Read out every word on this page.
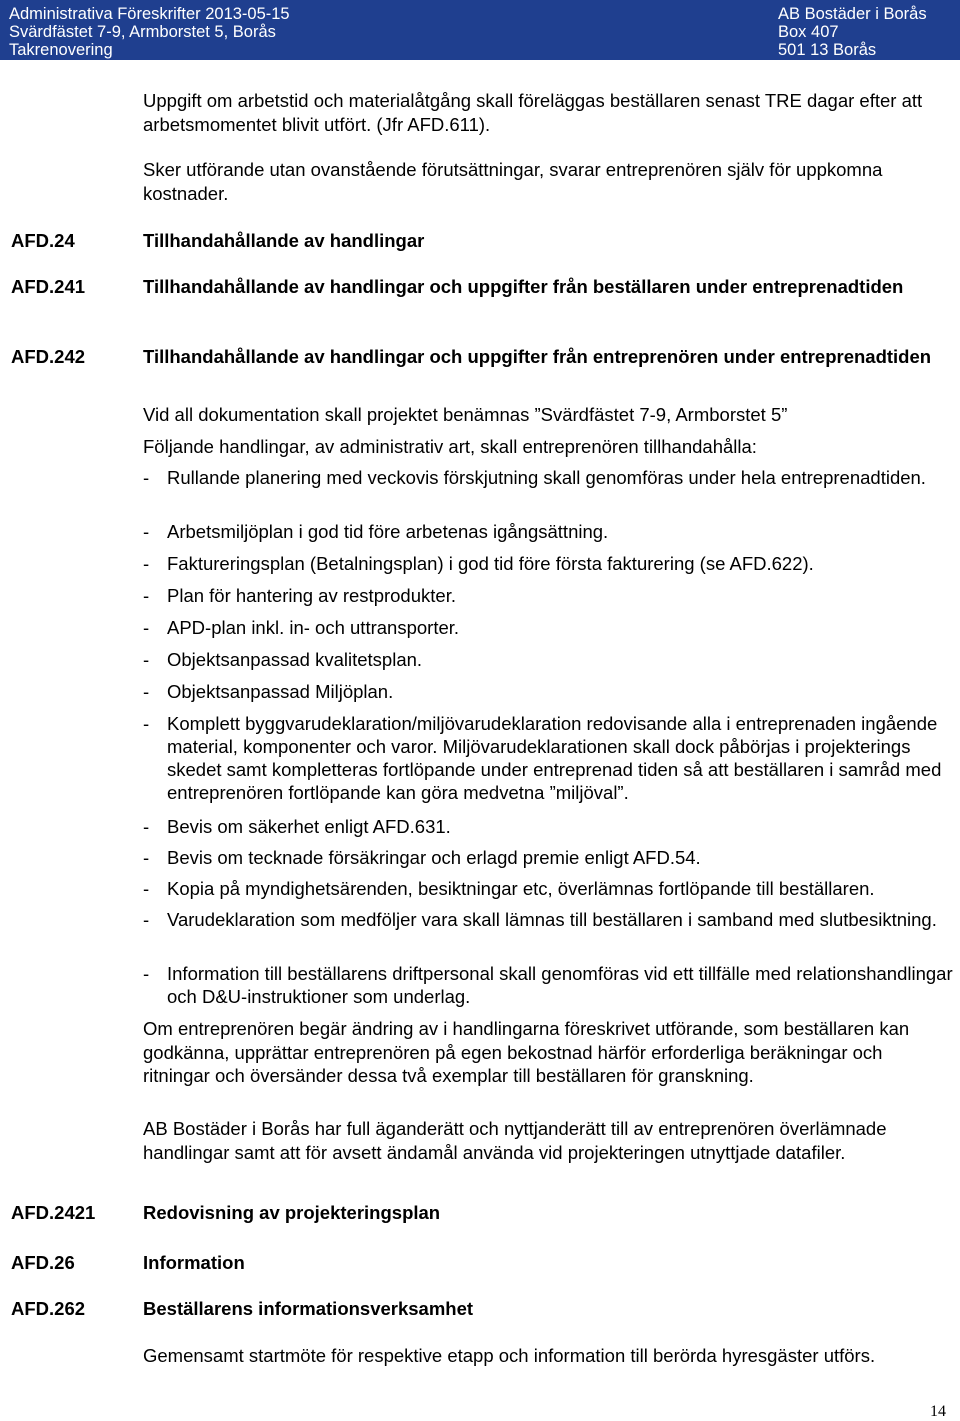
Administrativa Föreskrifter 2013-05-15
Svärdfästet 7-9, Armborstet 5, Borås
Takrenovering
AB Bostäder i Borås
Box 407
501 13 Borås
Uppgift om arbetstid och materialåtgång skall föreläggas beställaren senast TRE dagar efter att arbetsmomentet blivit utfört. (Jfr AFD.611).
Sker utförande utan ovanstående förutsättningar, svarar entreprenören själv för uppkomna kostnader.
AFD.24	Tillhandahållande av handlingar
AFD.241	Tillhandahållande av handlingar och uppgifter från beställaren under entreprenadtiden
AFD.242	Tillhandahållande av handlingar och uppgifter från entreprenören under entreprenadtiden
Vid all dokumentation skall projektet benämnas ”Svärdfästet 7-9, Armborstet 5”
Följande handlingar, av administrativ art, skall entreprenören tillhandahålla:
- Rullande planering med veckovis förskjutning skall genomföras under hela entreprenadtiden.
- Arbetsmiljöplan i god tid före arbetenas igångsättning.
- Faktureringsplan (Betalningsplan) i god tid före första fakturering (se AFD.622).
- Plan för hantering av restprodukter.
- APD-plan inkl. in- och uttransporter.
- Objektsanpassad kvalitetsplan.
- Objektsanpassad Miljöplan.
- Komplett byggvarudeklaration/miljövarudeklaration redovisande alla i entreprenaden ingående material, komponenter och varor. Miljövarudeklarationen skall dock påbörjas i projekterings skedet samt kompletteras fortlöpande under entreprenad tiden så att beställaren i samråd med entreprenören fortlöpande kan göra medvetna ”miljöval”.
- Bevis om säkerhet enligt AFD.631.
- Bevis om tecknade försäkringar och erlagd premie enligt AFD.54.
- Kopia på myndighetsärenden, besiktningar etc, överlämnas fortlöpande till beställaren.
- Varudeklaration som medföljer vara skall lämnas till beställaren i samband med slutbesiktning.
- Information till beställarens driftpersonal skall genomföras vid ett tillfälle med relationshandlingar och D&U-instruktioner som underlag.
Om entreprenören begär ändring av i handlingarna föreskrivet utförande, som beställaren kan godkänna, upprättar entreprenören på egen bekostnad härför erforderliga beräkningar och ritningar och översänder dessa två exemplar till beställaren för granskning.
AB Bostäder i Borås har full äganderätt och nyttjanderätt till av entreprenören överlämnade handlingar samt att för avsett ändamål använda vid projekteringen utnyttjade datafiler.
AFD.2421	Redovisning av projekteringsplan
AFD.26	Information
AFD.262	Beställarens informationsverksamhet
Gemensamt startmöte för respektive etapp och information till berörda hyresgäster utförs.
14
